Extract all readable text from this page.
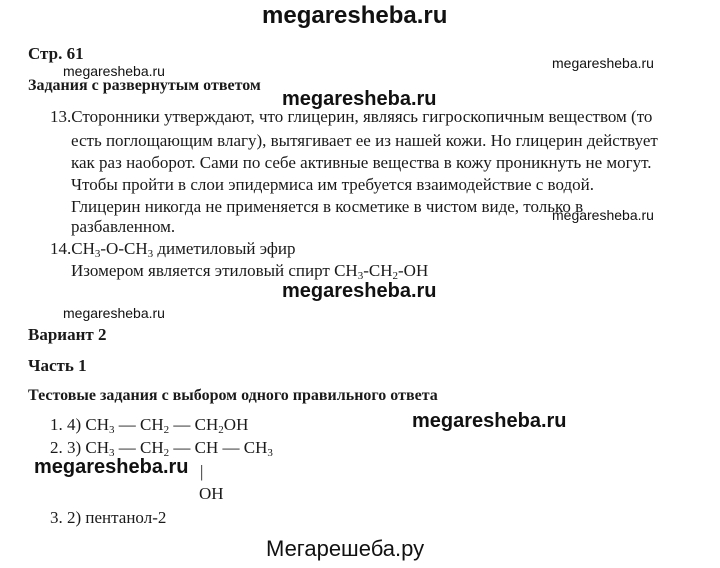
megaresheba.ru
megaresheba.ru
megaresheba.ru
megaresheba.ru
megaresheba.ru
megaresheba.ru
megaresheba.ru
megaresheba.ru
megaresheba.ru
Мегарешеба.ру
Стр. 61
Задания с развернутым ответом
13.Сторонники утверждают, что глицерин, являясь гигроскопичным веществом (то
есть поглощающим влагу), вытягивает ее из нашей кожи. Но глицерин действует
как раз наоборот. Сами по себе активные вещества в кожу проникнуть не могут.
Чтобы пройти в слои эпидермиса им требуется взаимодействие с водой.
Глицерин никогда не применяется в косметике в чистом виде, только в
разбавленном.
$14.CH_3-O-CH_3$ диметиловый эфир
Изомером является этиловый спирт $CH_3-CH_2-OH$
Вариант 2
Часть 1
Тестовые задания с выбором одного правильного ответа
1. 4) $CH_3$ — $CH_2$ — $CH_2OH$
2. 3) $CH_3$ — $CH_2$ — CH — $CH_3$
|
OH
3. 2) пентанол-2
